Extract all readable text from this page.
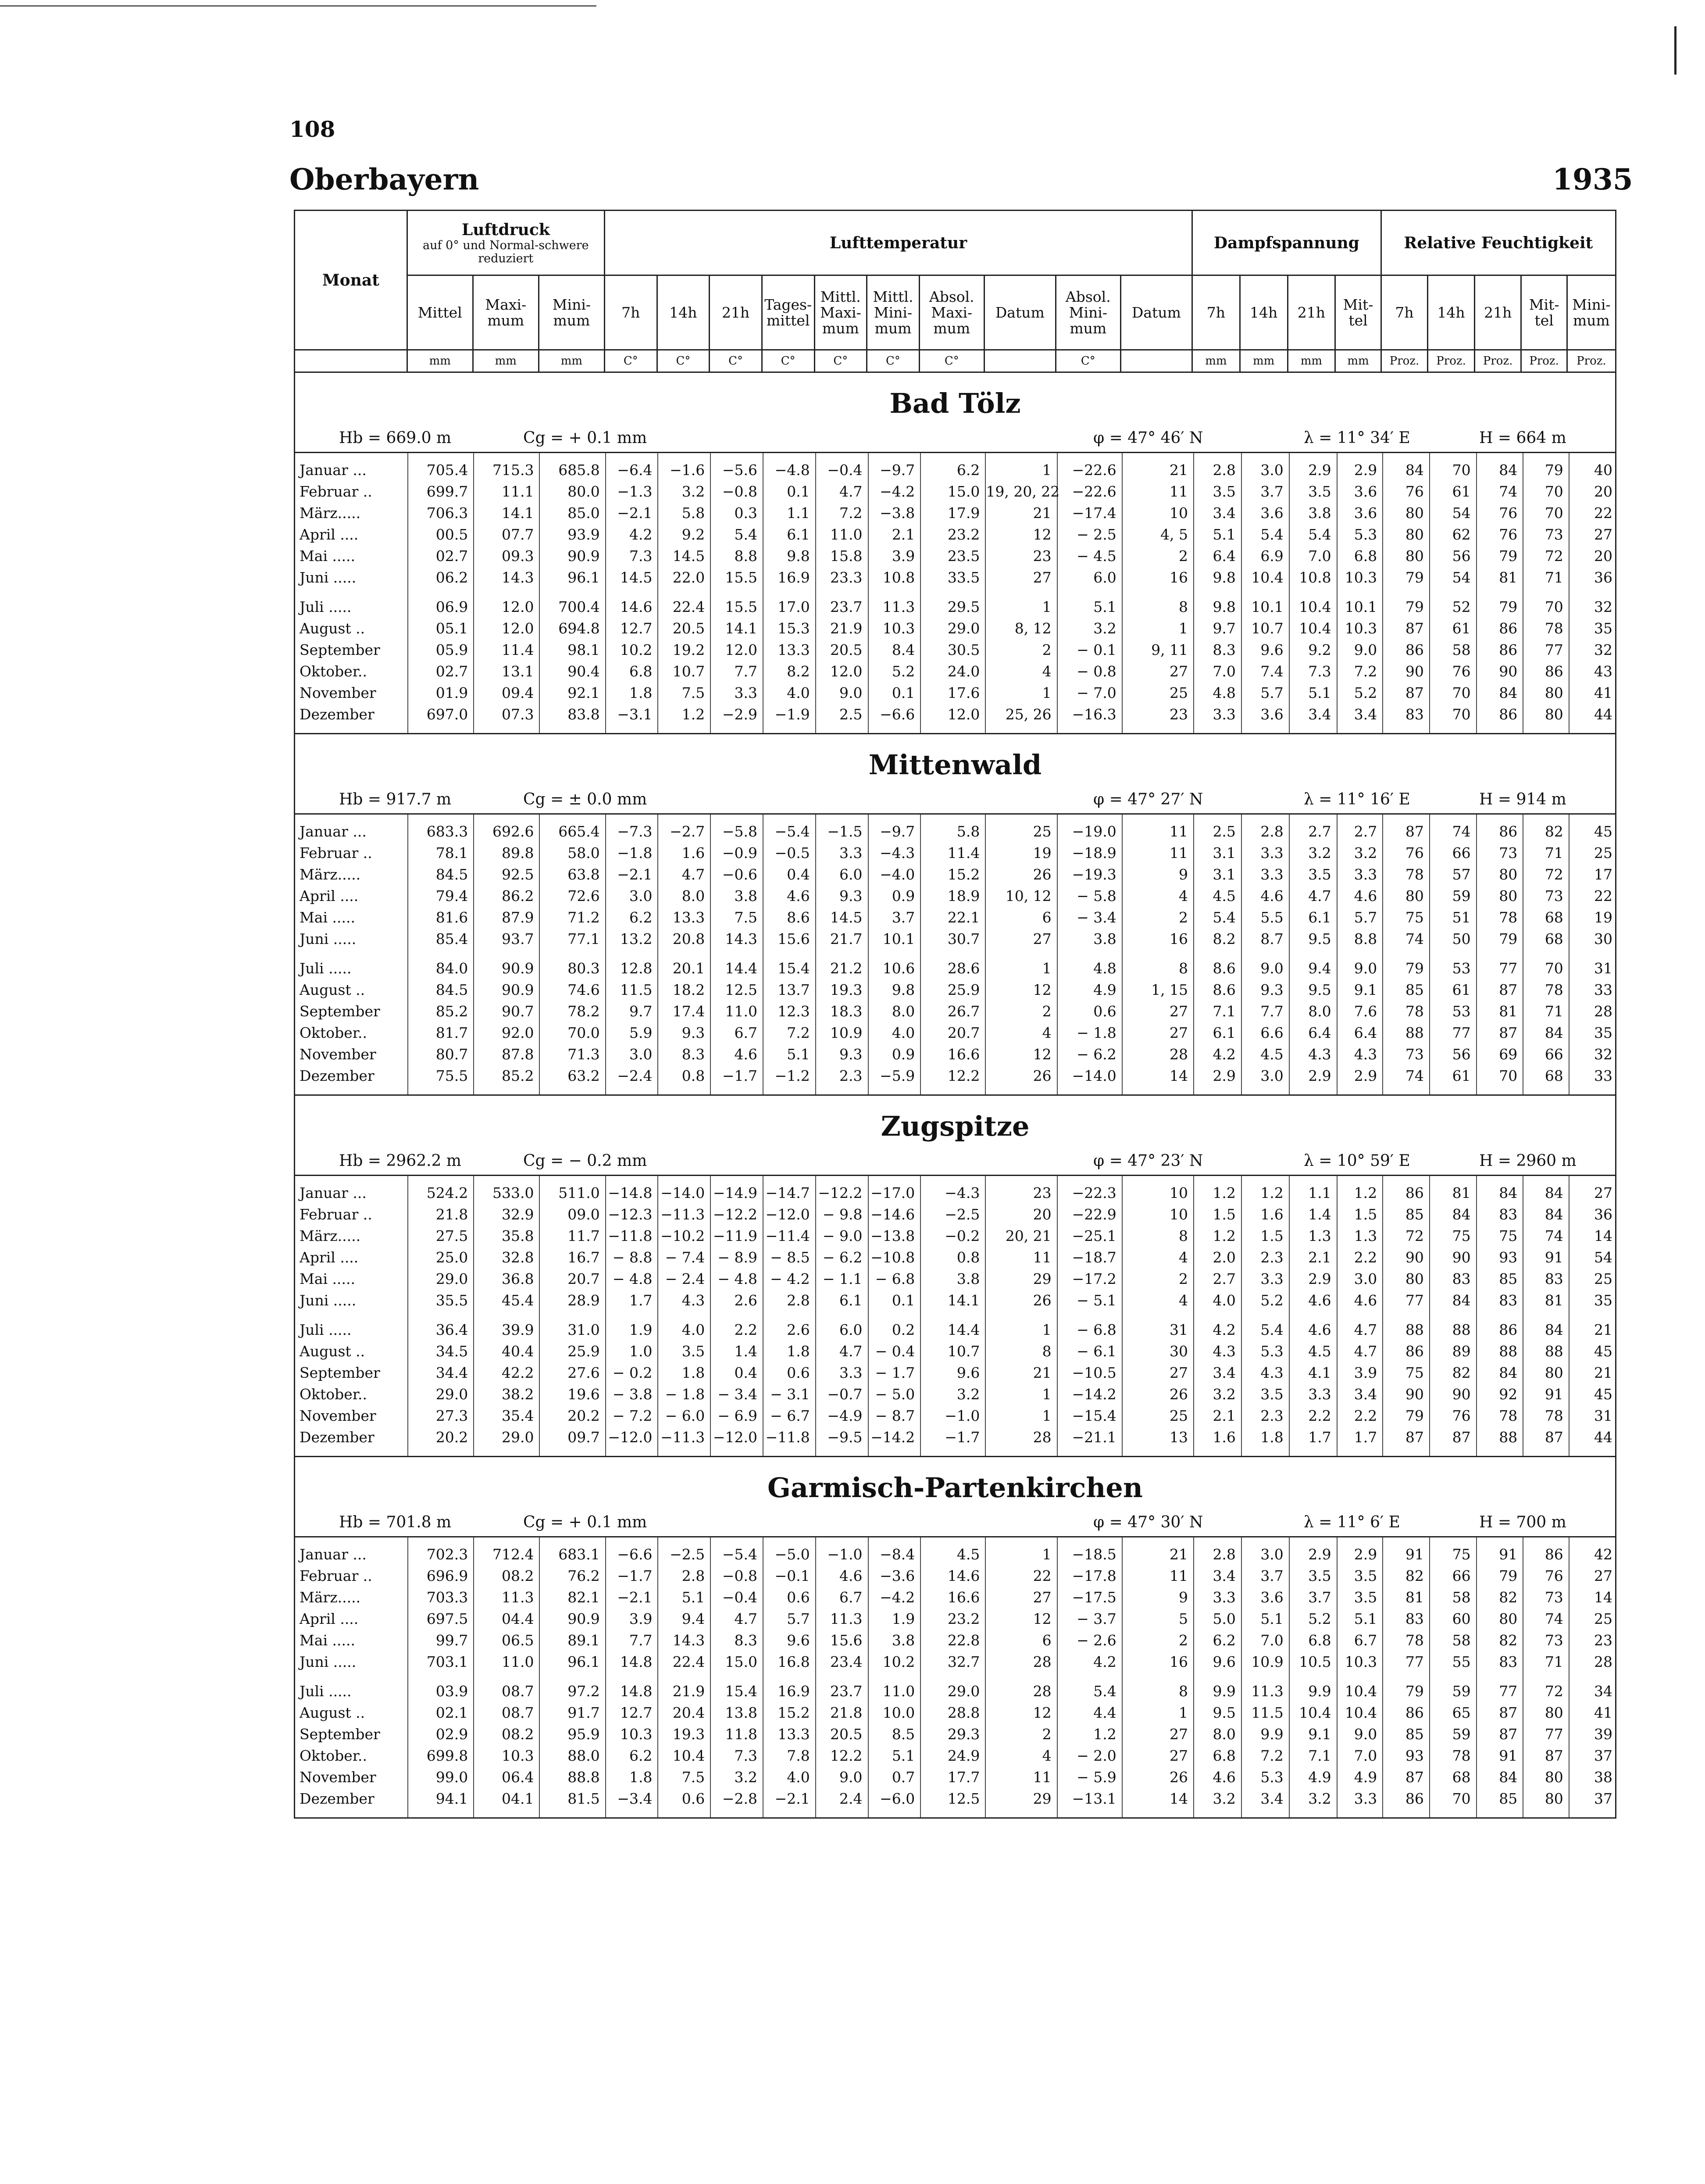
108
Oberbayern	1935
Monat	Luftdruck
auf 0° und Normal-schwere reduziert			Lufttemperatur										Dampfspannung				Relative Feuchtigkeit				
	Mittel	Maxi-mum	Mini-mum	7h	14h	21h	Tages-mittel	Mittl. Maxi-mum	Mittl. Mini-mum	Absol. Maxi-mum	Datum	Absol. Mini-mum	Datum	7h	14h	21h	Mit-tel	7h	14h	21h	Mit-tel	Mini-mum
	mm	mm	mm	C°	C°	C°	C°	C°	C°	C°		C°		mm	mm	mm	mm	Proz.	Proz.	Proz.	Proz.	Proz.
Bad Tölz
Hb = 669.0 m	Cg = + 0.1 mm	φ = 47° 46′ N	λ = 11° 34′ E	H = 664 m
Januar ...	705.4	715.3	685.8	−6.4	−1.6	−5.6	−4.8	−0.4	−9.7	6.2	1	−22.6	21	2.8	3.0	2.9	2.9	84	70	84	79	40
Februar ..	699.7	11.1	80.0	−1.3	3.2	−0.8	0.1	4.7	−4.2	15.0	19, 20, 22	−22.6	11	3.5	3.7	3.5	3.6	76	61	74	70	20
März.....	706.3	14.1	85.0	−2.1	5.8	0.3	1.1	7.2	−3.8	17.9	21	−17.4	10	3.4	3.6	3.8	3.6	80	54	76	70	22
April ....	00.5	07.7	93.9	4.2	9.2	5.4	6.1	11.0	2.1	23.2	12	− 2.5	4, 5	5.1	5.4	5.4	5.3	80	62	76	73	27
Mai .....	02.7	09.3	90.9	7.3	14.5	8.8	9.8	15.8	3.9	23.5	23	− 4.5	2	6.4	6.9	7.0	6.8	80	56	79	72	20
Juni .....	06.2	14.3	96.1	14.5	22.0	15.5	16.9	23.3	10.8	33.5	27	6.0	16	9.8	10.4	10.8	10.3	79	54	81	71	36

Juli .....	06.9	12.0	700.4	14.6	22.4	15.5	17.0	23.7	11.3	29.5	1	5.1	8	9.8	10.1	10.4	10.1	79	52	79	70	32
August ..	05.1	12.0	694.8	12.7	20.5	14.1	15.3	21.9	10.3	29.0	8, 12	3.2	1	9.7	10.7	10.4	10.3	87	61	86	78	35
September	05.9	11.4	98.1	10.2	19.2	12.0	13.3	20.5	8.4	30.5	2	− 0.1	9, 11	8.3	9.6	9.2	9.0	86	58	86	77	32
Oktober..	02.7	13.1	90.4	6.8	10.7	7.7	8.2	12.0	5.2	24.0	4	− 0.8	27	7.0	7.4	7.3	7.2	90	76	90	86	43
November	01.9	09.4	92.1	1.8	7.5	3.3	4.0	9.0	0.1	17.6	1	− 7.0	25	4.8	5.7	5.1	5.2	87	70	84	80	41
Dezember	697.0	07.3	83.8	−3.1	1.2	−2.9	−1.9	2.5	−6.6	12.0	25, 26	−16.3	23	3.3	3.6	3.4	3.4	83	70	86	80	44

Mittenwald
Hb = 917.7 m	Cg = ± 0.0 mm	φ = 47° 27′ N	λ = 11° 16′ E	H = 914 m
Januar ...	683.3	692.6	665.4	−7.3	−2.7	−5.8	−5.4	−1.5	−9.7	5.8	25	−19.0	11	2.5	2.8	2.7	2.7	87	74	86	82	45
Februar ..	78.1	89.8	58.0	−1.8	1.6	−0.9	−0.5	3.3	−4.3	11.4	19	−18.9	11	3.1	3.3	3.2	3.2	76	66	73	71	25
März.....	84.5	92.5	63.8	−2.1	4.7	−0.6	0.4	6.0	−4.0	15.2	26	−19.3	9	3.1	3.3	3.5	3.3	78	57	80	72	17
April ....	79.4	86.2	72.6	3.0	8.0	3.8	4.6	9.3	0.9	18.9	10, 12	− 5.8	4	4.5	4.6	4.7	4.6	80	59	80	73	22
Mai .....	81.6	87.9	71.2	6.2	13.3	7.5	8.6	14.5	3.7	22.1	6	− 3.4	2	5.4	5.5	6.1	5.7	75	51	78	68	19
Juni .....	85.4	93.7	77.1	13.2	20.8	14.3	15.6	21.7	10.1	30.7	27	3.8	16	8.2	8.7	9.5	8.8	74	50	79	68	30

Juli .....	84.0	90.9	80.3	12.8	20.1	14.4	15.4	21.2	10.6	28.6	1	4.8	8	8.6	9.0	9.4	9.0	79	53	77	70	31
August ..	84.5	90.9	74.6	11.5	18.2	12.5	13.7	19.3	9.8	25.9	12	4.9	1, 15	8.6	9.3	9.5	9.1	85	61	87	78	33
September	85.2	90.7	78.2	9.7	17.4	11.0	12.3	18.3	8.0	26.7	2	0.6	27	7.1	7.7	8.0	7.6	78	53	81	71	28
Oktober..	81.7	92.0	70.0	5.9	9.3	6.7	7.2	10.9	4.0	20.7	4	− 1.8	27	6.1	6.6	6.4	6.4	88	77	87	84	35
November	80.7	87.8	71.3	3.0	8.3	4.6	5.1	9.3	0.9	16.6	12	− 6.2	28	4.2	4.5	4.3	4.3	73	56	69	66	32
Dezember	75.5	85.2	63.2	−2.4	0.8	−1.7	−1.2	2.3	−5.9	12.2	26	−14.0	14	2.9	3.0	2.9	2.9	74	61	70	68	33

Zugspitze
Hb = 2962.2 m	Cg = − 0.2 mm	φ = 47° 23′ N	λ = 10° 59′ E	H = 2960 m
Januar ...	524.2	533.0	511.0	−14.8	−14.0	−14.9	−14.7	−12.2	−17.0	−4.3	23	−22.3	10	1.2	1.2	1.1	1.2	86	81	84	84	27
Februar ..	21.8	32.9	09.0	−12.3	−11.3	−12.2	−12.0	− 9.8	−14.6	−2.5	20	−22.9	10	1.5	1.6	1.4	1.5	85	84	83	84	36
März.....	27.5	35.8	11.7	−11.8	−10.2	−11.9	−11.4	− 9.0	−13.8	−0.2	20, 21	−25.1	8	1.2	1.5	1.3	1.3	72	75	75	74	14
April ....	25.0	32.8	16.7	− 8.8	− 7.4	− 8.9	− 8.5	− 6.2	−10.8	0.8	11	−18.7	4	2.0	2.3	2.1	2.2	90	90	93	91	54
Mai .....	29.0	36.8	20.7	− 4.8	− 2.4	− 4.8	− 4.2	− 1.1	− 6.8	3.8	29	−17.2	2	2.7	3.3	2.9	3.0	80	83	85	83	25
Juni .....	35.5	45.4	28.9	1.7	4.3	2.6	2.8	6.1	0.1	14.1	26	− 5.1	4	4.0	5.2	4.6	4.6	77	84	83	81	35

Juli .....	36.4	39.9	31.0	1.9	4.0	2.2	2.6	6.0	0.2	14.4	1	− 6.8	31	4.2	5.4	4.6	4.7	88	88	86	84	21
August ..	34.5	40.4	25.9	1.0	3.5	1.4	1.8	4.7	− 0.4	10.7	8	− 6.1	30	4.3	5.3	4.5	4.7	86	89	88	88	45
September	34.4	42.2	27.6	− 0.2	1.8	0.4	0.6	3.3	− 1.7	9.6	21	−10.5	27	3.4	4.3	4.1	3.9	75	82	84	80	21
Oktober..	29.0	38.2	19.6	− 3.8	− 1.8	− 3.4	− 3.1	−0.7	− 5.0	3.2	1	−14.2	26	3.2	3.5	3.3	3.4	90	90	92	91	45
November	27.3	35.4	20.2	− 7.2	− 6.0	− 6.9	− 6.7	−4.9	− 8.7	−1.0	1	−15.4	25	2.1	2.3	2.2	2.2	79	76	78	78	31
Dezember	20.2	29.0	09.7	−12.0	−11.3	−12.0	−11.8	−9.5	−14.2	−1.7	28	−21.1	13	1.6	1.8	1.7	1.7	87	87	88	87	44

Garmisch-Partenkirchen
Hb = 701.8 m	Cg = + 0.1 mm	φ = 47° 30′ N	λ = 11° 6′ E	H = 700 m
Januar ...	702.3	712.4	683.1	−6.6	−2.5	−5.4	−5.0	−1.0	−8.4	4.5	1	−18.5	21	2.8	3.0	2.9	2.9	91	75	91	86	42
Februar ..	696.9	08.2	76.2	−1.7	2.8	−0.8	−0.1	4.6	−3.6	14.6	22	−17.8	11	3.4	3.7	3.5	3.5	82	66	79	76	27
März.....	703.3	11.3	82.1	−2.1	5.1	−0.4	0.6	6.7	−4.2	16.6	27	−17.5	9	3.3	3.6	3.7	3.5	81	58	82	73	14
April ....	697.5	04.4	90.9	3.9	9.4	4.7	5.7	11.3	1.9	23.2	12	− 3.7	5	5.0	5.1	5.2	5.1	83	60	80	74	25
Mai .....	99.7	06.5	89.1	7.7	14.3	8.3	9.6	15.6	3.8	22.8	6	− 2.6	2	6.2	7.0	6.8	6.7	78	58	82	73	23
Juni .....	703.1	11.0	96.1	14.8	22.4	15.0	16.8	23.4	10.2	32.7	28	4.2	16	9.6	10.9	10.5	10.3	77	55	83	71	28

Juli .....	03.9	08.7	97.2	14.8	21.9	15.4	16.9	23.7	11.0	29.0	28	5.4	8	9.9	11.3	9.9	10.4	79	59	77	72	34
August ..	02.1	08.7	91.7	12.7	20.4	13.8	15.2	21.8	10.0	28.8	12	4.4	1	9.5	11.5	10.4	10.4	86	65	87	80	41
September	02.9	08.2	95.9	10.3	19.3	11.8	13.3	20.5	8.5	29.3	2	1.2	27	8.0	9.9	9.1	9.0	85	59	87	77	39
Oktober..	699.8	10.3	88.0	6.2	10.4	7.3	7.8	12.2	5.1	24.9	4	− 2.0	27	6.8	7.2	7.1	7.0	93	78	91	87	37
November	99.0	06.4	88.8	1.8	7.5	3.2	4.0	9.0	0.7	17.7	11	− 5.9	26	4.6	5.3	4.9	4.9	87	68	84	80	38
Dezember	94.1	04.1	81.5	−3.4	0.6	−2.8	−2.1	2.4	−6.0	12.5	29	−13.1	14	3.2	3.4	3.2	3.3	86	70	85	80	37
